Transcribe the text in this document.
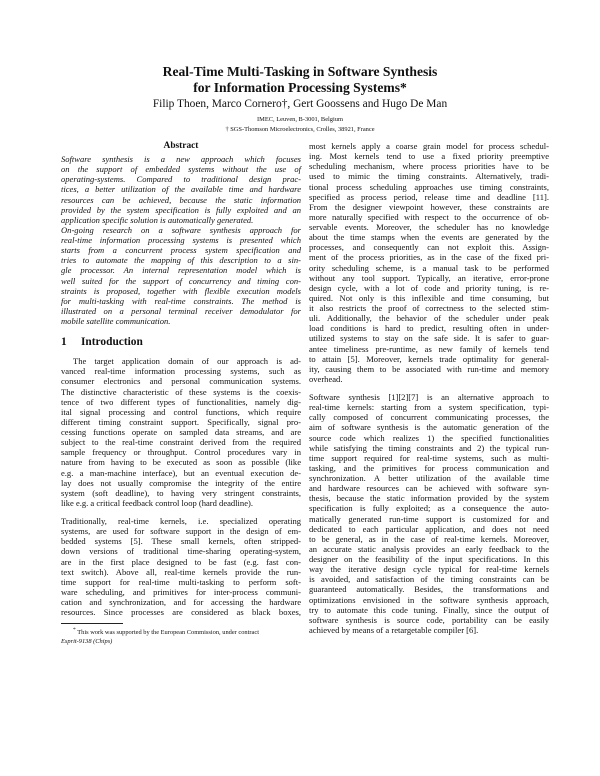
Real-Time Multi-Tasking in Software Synthesis
for Information Processing Systems*
Filip Thoen, Marco Cornero†, Gert Goossens and Hugo De Man
IMEC, Leuven, B-3001, Belgium
† SGS-Thomson Microelectronics, Crolles, 38921, France
Abstract
Software synthesis is a new approach which focuses
on the support of embedded systems without the use of
operating-systems. Compared to traditional design prac-
tices, a better utilization of the available time and hardware
resources can be achieved, because the static information
provided by the system specification is fully exploited and an
application specific solution is automatically generated.
On-going research on a software synthesis approach for
real-time information processing systems is presented which
starts from a concurrent process system specification and
tries to automate the mapping of this description to a sin-
gle processor. An internal representation model which is
well suited for the support of concurrency and timing con-
straints is proposed, together with flexible execution models
for multi-tasking with real-time constraints. The method is
illustrated on a personal terminal receiver demodulator for
mobile satellite communication.
1 Introduction
The target application domain of our approach is ad-
vanced real-time information processing systems, such as
consumer electronics and personal communication systems.
The distinctive characteristic of these systems is the coexis-
tence of two different types of functionalities, namely dig-
ital signal processing and control functions, which require
different timing constraint support. Specifically, signal pro-
cessing functions operate on sampled data streams, and are
subject to the real-time constraint derived from the required
sample frequency or throughput. Control procedures vary in
nature from having to be executed as soon as possible (like
e.g. a man-machine interface), but an eventual execution de-
lay does not usually compromise the integrity of the entire
system (soft deadline), to having very stringent constraints,
like e.g. a critical feedback control loop (hard deadline).
Traditionally, real-time kernels, i.e. specialized operating
systems, are used for software support in the design of em-
bedded systems [5]. These small kernels, often stripped-
down versions of traditional time-sharing operating-system,
are in the first place designed to be fast (e.g. fast con-
text switch). Above all, real-time kernels provide the run-
time support for real-time multi-tasking to perform soft-
ware scheduling, and primitives for inter-process communi-
cation and synchronization, and for accessing the hardware
resources. Since processes are considered as black boxes,
* This work was supported by the European Commission, under contract
Esprit-9138 (Chips)
most kernels apply a coarse grain model for process schedul-
ing. Most kernels tend to use a fixed priority preemptive
scheduling mechanism, where process priorities have to be
used to mimic the timing constraints. Alternatively, tradi-
tional process scheduling approaches use timing constraints,
specified as process period, release time and deadline [11].
From the designer viewpoint however, these constraints are
more naturally specified with respect to the occurrence of ob-
servable events. Moreover, the scheduler has no knowledge
about the time stamps when the events are generated by the
processes, and consequently can not exploit this. Assign-
ment of the process priorities, as in the case of the fixed pri-
ority scheduling scheme, is a manual task to be performed
without any tool support. Typically, an iterative, error-prone
design cycle, with a lot of code and priority tuning, is re-
quired. Not only is this inflexible and time consuming, but
it also restricts the proof of correctness to the selected stim-
uli. Additionally, the behavior of the scheduler under peak
load conditions is hard to predict, resulting often in under-
utilized systems to stay on the safe side. It is safer to guar-
antee timeliness pre-runtime, as new family of kernels tend
to attain [5]. Moreover, kernels trade optimality for general-
ity, causing them to be associated with run-time and memory
overhead.
Software synthesis [1][2][7] is an alternative approach to
real-time kernels: starting from a system specification, typi-
cally composed of concurrent communicating processes, the
aim of software synthesis is the automatic generation of the
source code which realizes 1) the specified functionalities
while satisfying the timing constraints and 2) the typical run-
time support required for real-time systems, such as multi-
tasking, and the primitives for process communication and
synchronization. A better utilization of the available time
and hardware resources can be achieved with software syn-
thesis, because the static information provided by the system
specification is fully exploited; as a consequence the auto-
matically generated run-time support is customized for and
dedicated to each particular application, and does not need
to be general, as in the case of real-time kernels. Moreover,
an accurate static analysis provides an early feedback to the
designer on the feasibility of the input specifications. In this
way the iterative design cycle typical for real-time kernels
is avoided, and satisfaction of the timing constraints can be
guaranteed automatically. Besides, the transformations and
optimizations envisioned in the software synthesis approach,
try to automate this code tuning. Finally, since the output of
software synthesis is source code, portability can be easily
achieved by means of a retargetable compiler [6].
